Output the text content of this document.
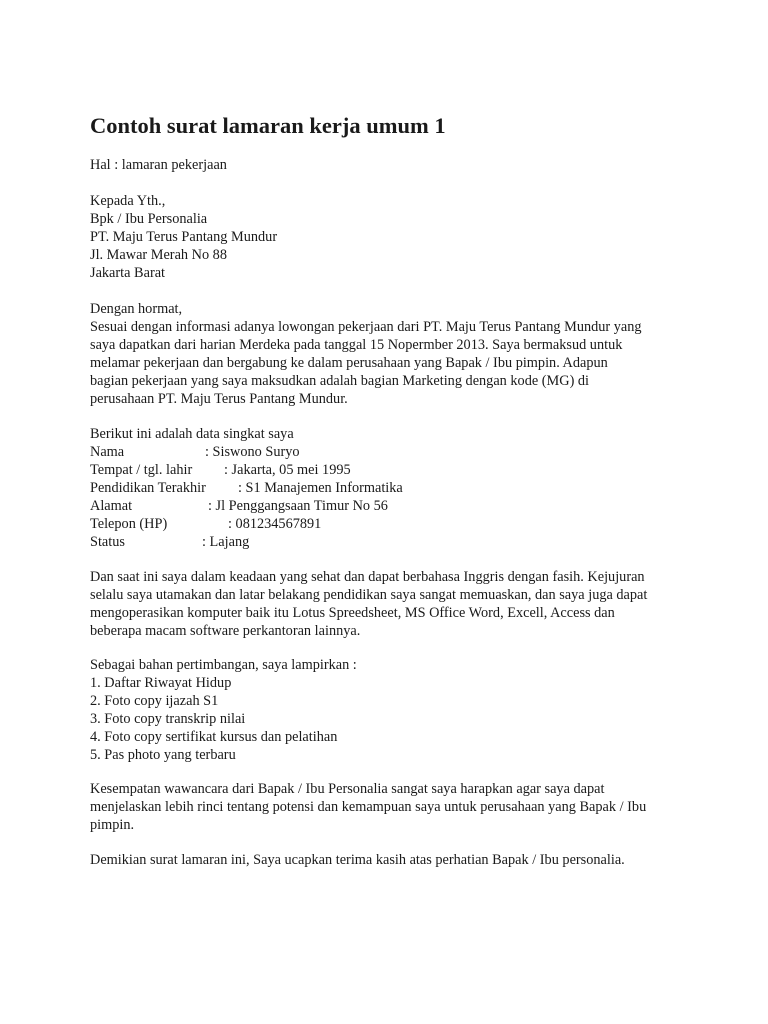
Contoh surat lamaran kerja umum 1

Hal : lamaran pekerjaan

Kepada Yth.,
Bpk / Ibu Personalia
PT. Maju Terus Pantang Mundur
Jl. Mawar Merah No 88
Jakarta Barat
Dengan hormat,
Sesuai dengan informasi adanya lowongan pekerjaan dari PT. Maju Terus Pantang Mundur yang
saya dapatkan dari harian Merdeka pada tanggal 15 Nopermber 2013. Saya bermaksud untuk
melamar pekerjaan dan bergabung ke dalam perusahaan yang Bapak / Ibu pimpin. Adapun
bagian pekerjaan yang saya maksudkan adalah bagian Marketing dengan kode (MG) di
perusahaan PT. Maju Terus Pantang Mundur.
Berikut ini adalah data singkat saya
Nama	: Siswono Suryo
Tempat / tgl. lahir : Jakarta, 05 mei 1995
Pendidikan Terakhir : S1 Manajemen Informatika
Alamat	: Jl Penggangsaan Timur No 56
Telepon (HP)	: 081234567891
Status	: Lajang
Dan saat ini saya dalam keadaan yang sehat dan dapat berbahasa Inggris dengan fasih. Kejujuran
selalu saya utamakan dan latar belakang pendidikan saya sangat memuaskan, dan saya juga dapat
mengoperasikan komputer baik itu Lotus Spreedsheet, MS Office Word, Excell, Access dan
beberapa macam software perkantoran lainnya.
Sebagai bahan pertimbangan, saya lampirkan :
1. Daftar Riwayat Hidup
2. Foto copy ijazah S1
3. Foto copy transkrip nilai
4. Foto copy sertifikat kursus dan pelatihan
5. Pas photo yang terbaru
Kesempatan wawancara dari Bapak / Ibu Personalia sangat saya harapkan agar saya dapat
menjelaskan lebih rinci tentang potensi dan kemampuan saya untuk perusahaan yang Bapak / Ibu
pimpin.
Demikian surat lamaran ini, Saya ucapkan terima kasih atas perhatian Bapak / Ibu personalia.
